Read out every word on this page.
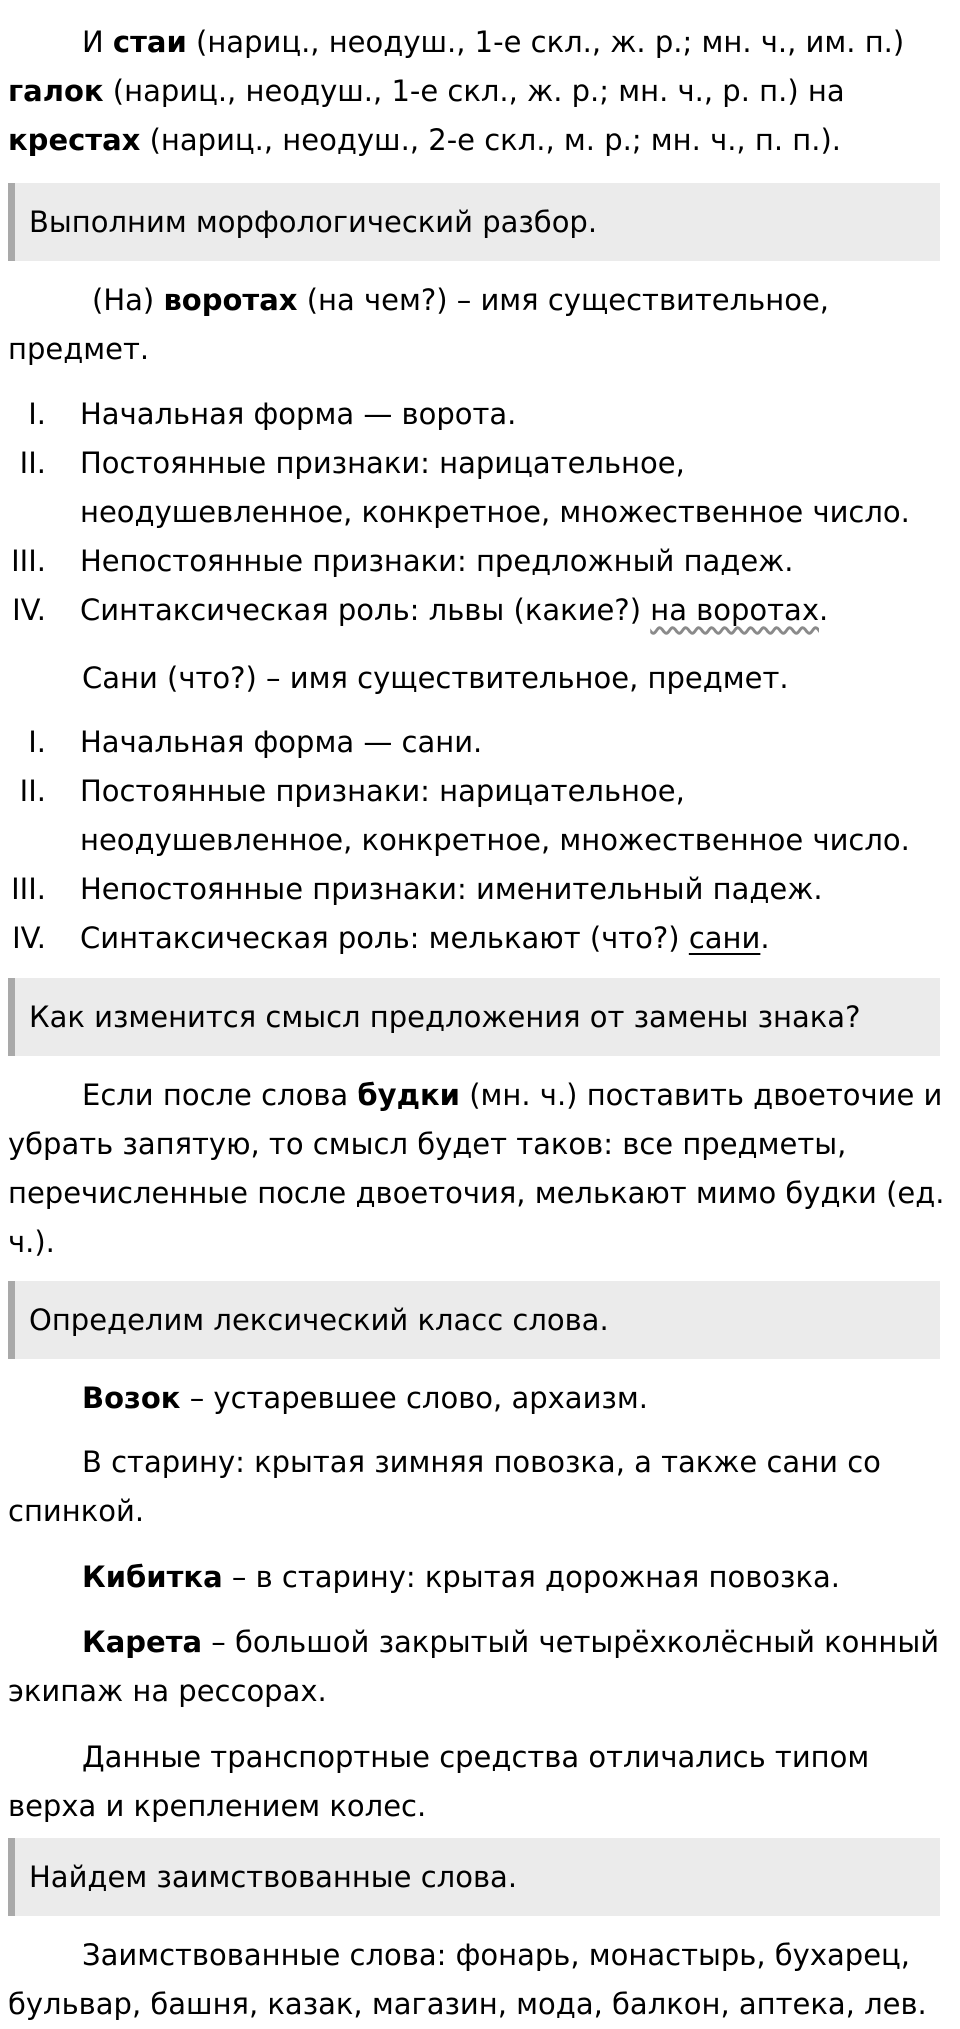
И стаи (нариц., неодуш., 1-е скл., ж. р.; мн. ч., им. п.) галок (нариц., неодуш., 1-е скл., ж. р.; мн. ч., р. п.) на крестах (нариц., неодуш., 2-е скл., м. р.; мн. ч., п. п.).

Выполним морфологический разбор.

(На) воротах (на чем?) – имя существительное, предмет.

I. Начальная форма — ворота.
II. Постоянные признаки: нарицательное, неодушевленное, конкретное, множественное число.
III. Непостоянные признаки: предложный падеж.
IV. Синтаксическая роль: львы (какие?) на воротах.

Сани (что?) – имя существительное, предмет.

I. Начальная форма — сани.
II. Постоянные признаки: нарицательное, неодушевленное, конкретное, множественное число.
III. Непостоянные признаки: именительный падеж.
IV. Синтаксическая роль: мелькают (что?) сани.
Как изменится смысл предложения от замены знака?

Если после слова будки (мн. ч.) поставить двоеточие и убрать запятую, то смысл будет таков: все предметы, перечисленные после двоеточия, мелькают мимо будки (ед. ч.).

Определим лексический класс слова.

Возок – устаревшее слово, архаизм.

В старину: крытая зимняя повозка, а также сани со спинкой.

Кибитка – в старину: крытая дорожная повозка.

Карета – большой закрытый четырёхколёсный конный экипаж на рессорах.

Данные транспортные средства отличались типом верха и креплением колес.

Найдем заимствованные слова.

Заимствованные слова: фонарь, монастырь, бухарец, бульвар, башня, казак, магазин, мода, балкон, аптека, лев.
